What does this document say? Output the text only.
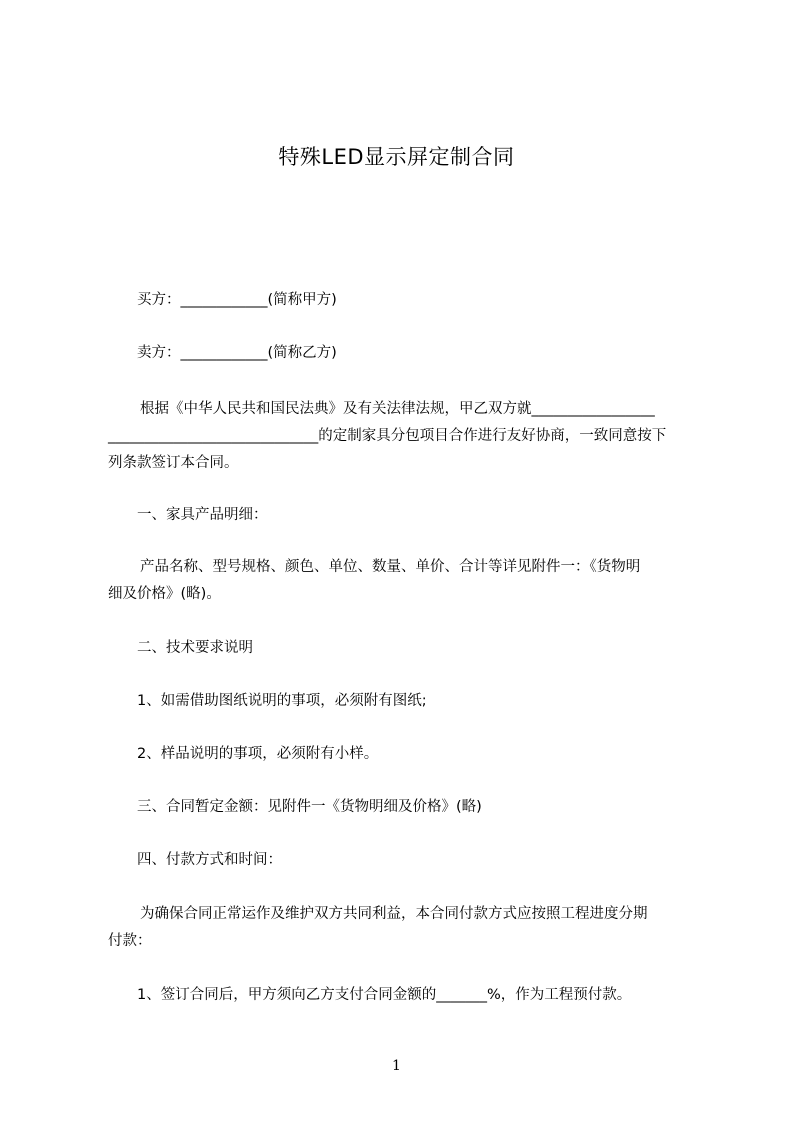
特殊LED显示屏定制合同
买方：____________(简称甲方)
卖方：____________(简称乙方)
根据《中华人民共和国民法典》及有关法律法规，甲乙双方就_________________
_____________________________的定制家具分包项目合作进行友好协商，一致同意按下
列条款签订本合同。
一、家具产品明细：
产品名称、型号规格、颜色、单位、数量、单价、合计等详见附件一：《货物明
细及价格》(略)。
二、技术要求说明
1、如需借助图纸说明的事项，必须附有图纸;
2、样品说明的事项，必须附有小样。
三、合同暂定金额：见附件一《货物明细及价格》(略)
四、付款方式和时间：
为确保合同正常运作及维护双方共同利益，本合同付款方式应按照工程进度分期
付款：
1、签订合同后，甲方须向乙方支付合同金额的_______%，作为工程预付款。
1
